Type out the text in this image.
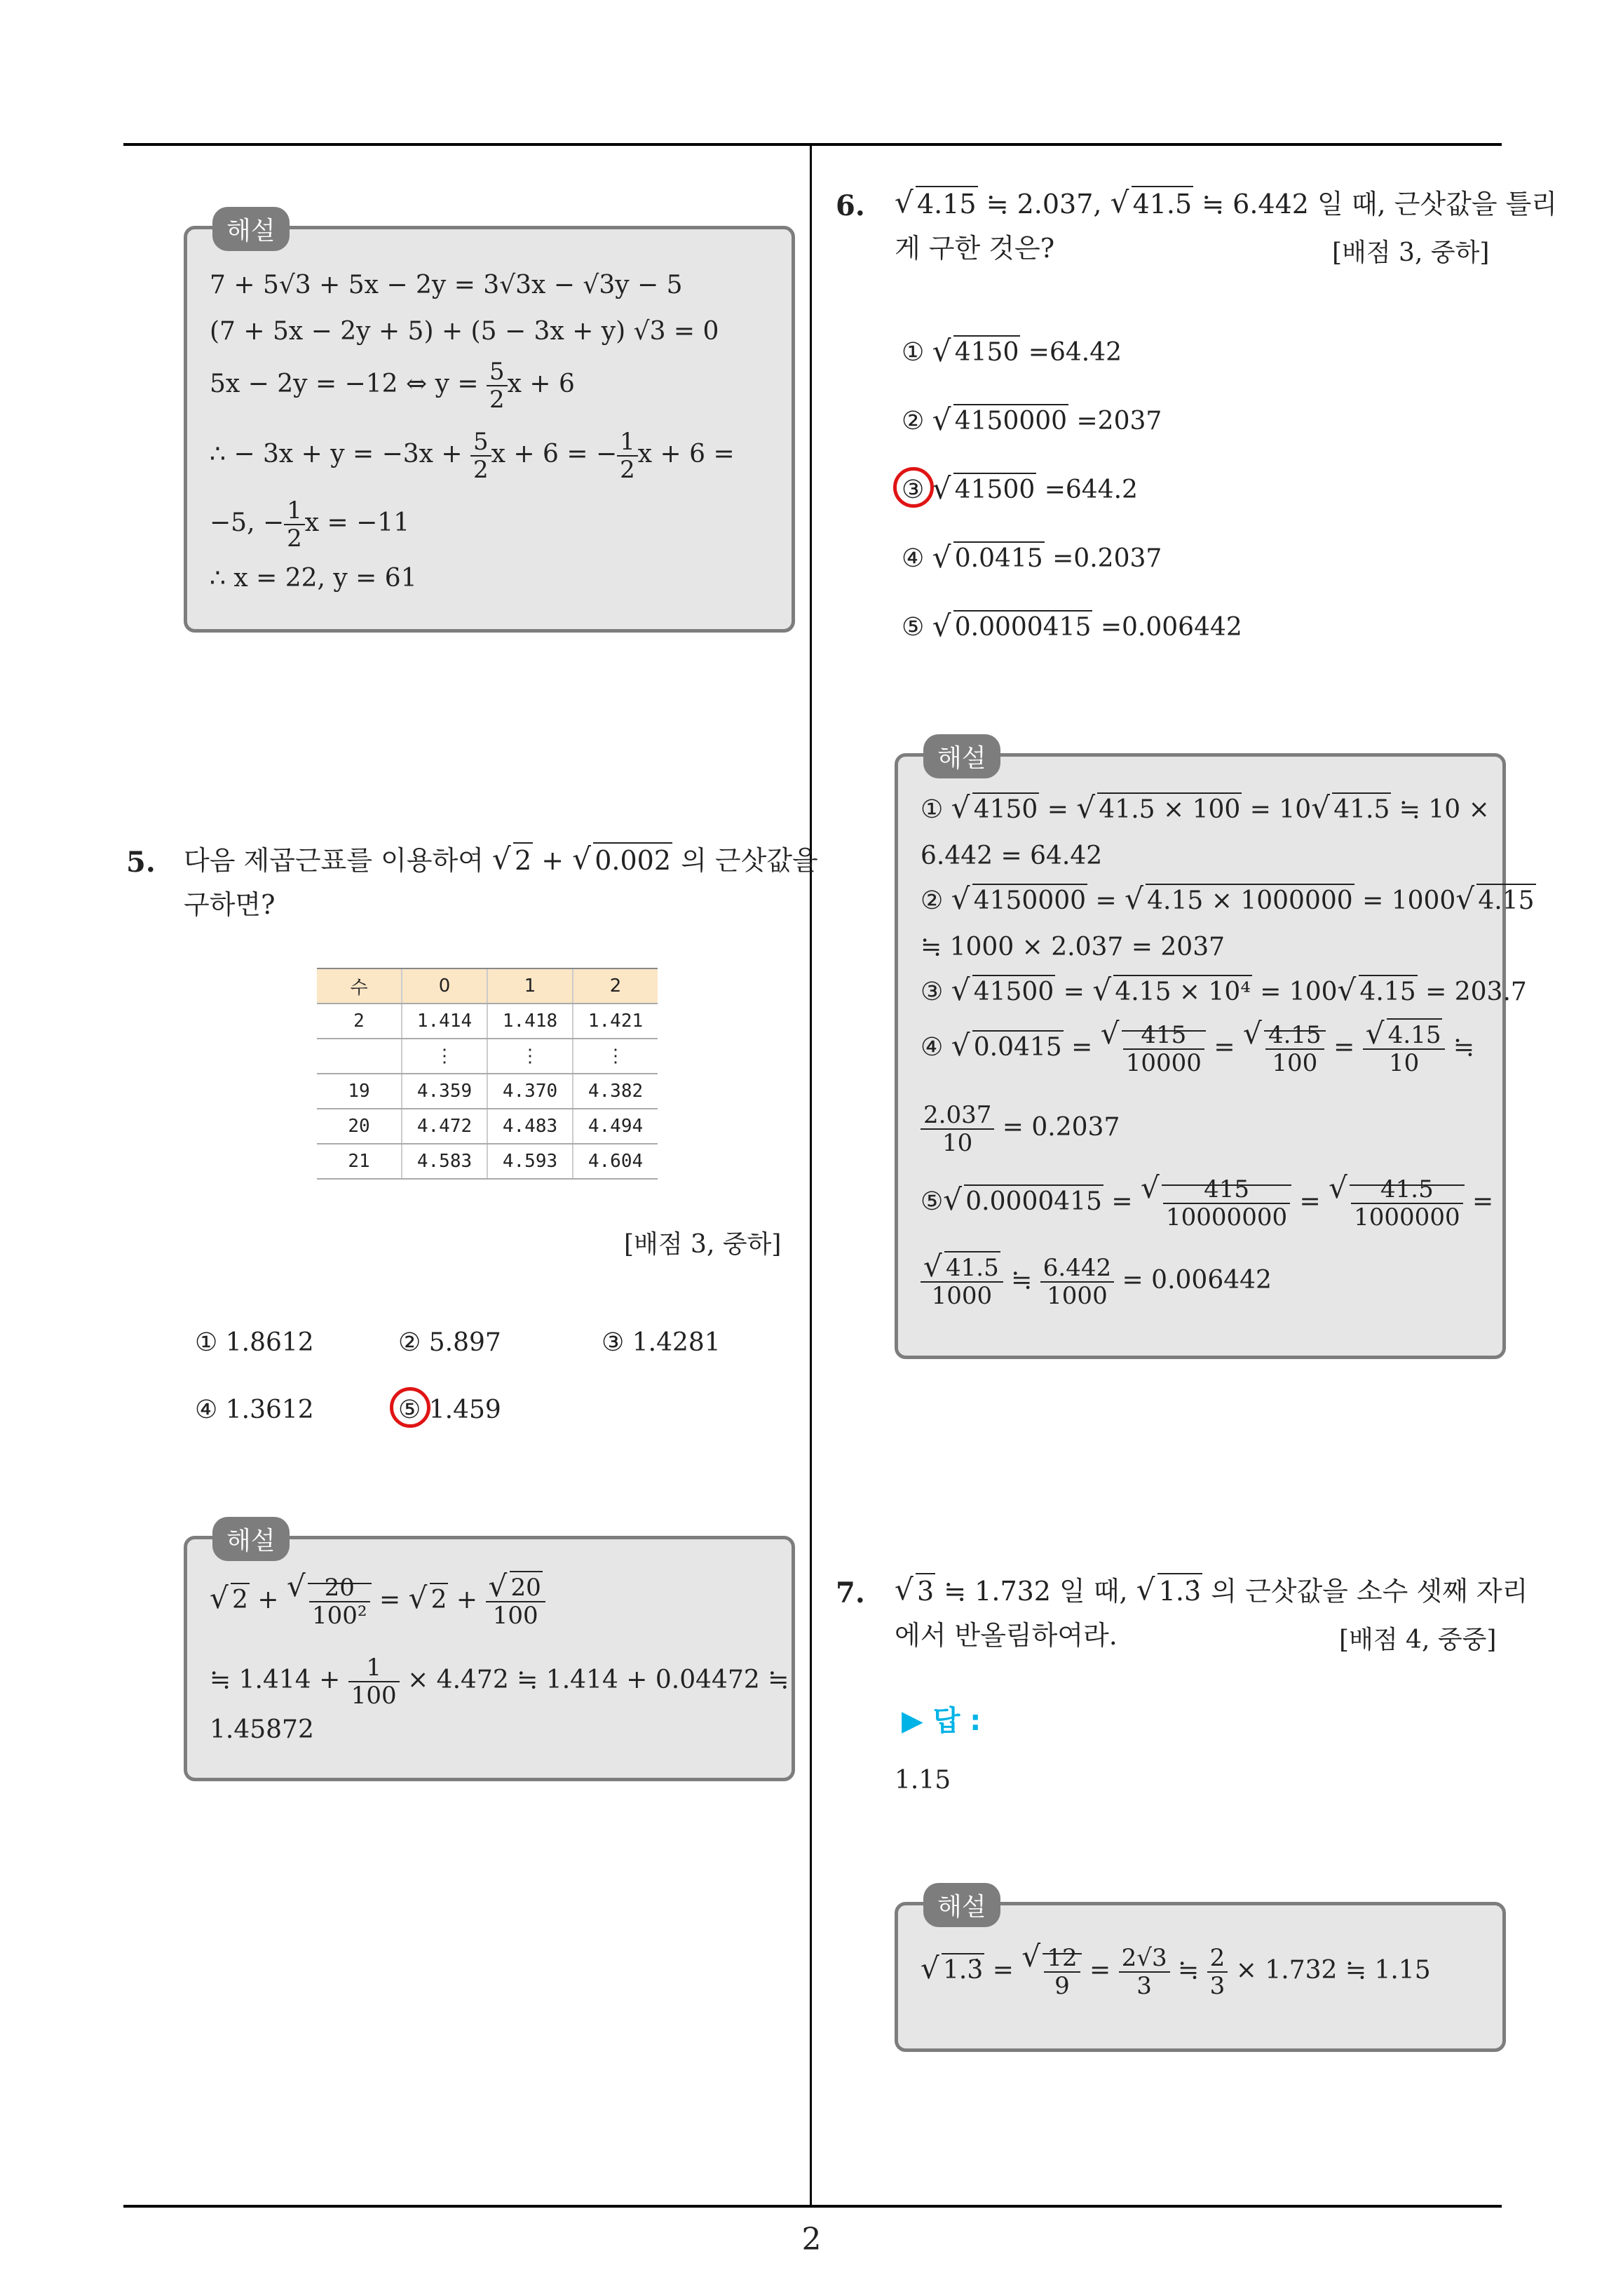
해설
7 + 5√3 + 5x − 2y = 3√3x − √3y − 5
(7 + 5x − 2y + 5) + (5 − 3x + y) √3 = 0
5x − 2y = −12 ⇔ $y = \frac{5}{2}$ x + 6
∴ − $3x + y = -3x + \frac{5}{2}$ x + 6 = − $\frac{1}{2}$ x + 6 =
−5, − $\frac{1}{2}$ x = −11
∴ x = 22, y = 61
5. 다음 제곱근표를 이용하여 √ 2 + √ 0.002 의 근삿값을
구하면?
수	0	1	2
2	1.414	1.418	1.421
	⋮	⋮	⋮
19	4.359	4.370	4.382
20	4.472	4.483	4.494
21	4.583	4.593	4.604
[배점 3, 중하]
① 1.8612	② 5.897	③ 1.4281
④ 1.3612	⑤ 1.459
해설
√ 2 + √ $\frac{20}{\text{100²}}$ = √ 2 + √ $\frac{20}{100}$
≒ $1.414 + \frac{1}{100} \times 4.472$ ≒ 1.414 + 0.04472 ≒
1.45872
6.	√ 4.15 ≒ 2.037, √ 41.5 ≒ 6.442 일 때, 근삿값을 틀리
게 구한 것은?	[배점 3, 중하]
① √ 4150 =64.42
② √ 4150000 =2037
③ √ 41500 =644.2
④ √ 0.0415 =0.2037
⑤ √ 0.0000415 =0.006442
해설
① √ 4150 = √ 41.5 × 100 = 10 √ 41.5 ≒ 10 ×
6.442 = 64.42
② √ 4150000 = √ 4.15 × 1000000 = 1000 √ 4.15
≒ 1000 × 2.037 = 2037
③ √ 41500 = √ 4.15 × 10⁴ = 100 √ 4.15 = 203.7
④ √ 0.0415 = √ $\frac{415}{10000}$ = √ $\frac{4.15}{100}$ = √ $\frac{4.15}{10}$ ≒
$\frac{2.037}{10} = 0.2037$
⑤ √ 0.0000415 = √ $\frac{415}{10000000}$ = √ $\frac{41.5}{1000000}$ =
√ $\frac{41.5}{1000}$ ≒ $\frac{6.442}{1000} = 0.006442$
7.	√ 3 ≒ 1.732 일 때, √ 1.3̇ 의 근삿값을 소수 셋째 자리
에서 반올림하여라.	[배점 4, 중중]
▶ 답 :
1.15
해설
√ 1.3̇ = √ $\frac{12}{9} = \frac{2√3}{3}$ ≒ $\frac{2}{3} \times 1.732$ ≒ 1.15
2
